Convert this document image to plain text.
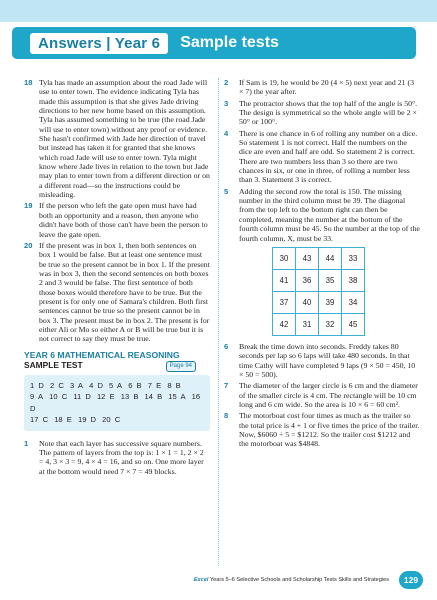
Answers | Year 6	Sample tests
18 Tyla has made an assumption about the road Jade will use to enter town. The evidence indicating Tyla has made this assumption is that she gives Jade driving directions to her new home based on this assumption. Tyla has assumed something to be true (the road Jade will use to enter town) without any proof or evidence. She hasn't confirmed with Jade her direction of travel but instead has taken it for granted that she knows which road Jade will use to enter town. Tyla might know where Jade lives in relation to the town but Jade may plan to enter town from a different direction or on a different road—so the instructions could be misleading.

19 If the person who left the gate open must have had both an opportunity and a reason, then anyone who didn't have both of those can't have been the person to leave the gate open.

20 If the present was in box 1, then both sentences on box 1 would be false. But at least one sentence must be true so the present cannot be in box 1. If the present was in box 3, then the second sentences on both boxes 2 and 3 would be false. The first sentence of both those boxes would therefore have to be true. But the present is for only one of Samara's children. Both first sentences cannot be true so the present cannot be in box 3. The present must be in box 2. The present is for either Ali or Mo so either A or B will be true but it is not correct to say they must be true.

YEAR 6 MATHEMATICAL REASONING
SAMPLE TEST	Page 94
1 D 2 C 3 A 4 D 5 A 6 B 7 E 8 B
9 A 10 C 11 D 12 E 13 B 14 B 15 A 16 D
17 C 18 E 19 D 20 C
1 Note that each layer has successive square numbers. The pattern of layers from the top is: 1 × 1 = 1, 2 × 2 = 4, 3 × 3 = 9, 4 × 4 = 16, and so on. One more layer at the bottom would need 7 × 7 = 49 blocks.

2 If Sam is 19, he would be 20 (4 × 5) next year and 21 (3 × 7) the year after.

3 The protractor shows that the top half of the angle is 50°. The design is symmetrical so the whole angle will be 2 × 50° or 100°.

4 There is one chance in 6 of rolling any number on a dice. So statement 1 is not correct. Half the numbers on the dice are even and half are odd. So statement 2 is correct. There are two numbers less than 3 so there are two chances in six, or one in three, of rolling a number less than 3. Statement 3 is correct.

5 Adding the second row the total is 150. The missing number in the third column must be 39. The diagonal from the top left to the bottom right can then be completed, meaning the number at the bottom of the fourth column must be 45. So the number at the top of the fourth column, X, must be 33.

30	43	44	33
41	36	35	38
37	40	39	34
42	31	32	45
6 Break the time down into seconds. Freddy takes 80 seconds per lap so 6 laps will take 480 seconds. In that time Cathy will have completed 9 laps (9 × 50 = 450, 10 × 50 = 500).

7 The diameter of the larger circle is 6 cm and the diameter of the smaller circle is 4 cm. The rectangle will be 10 cm long and 6 cm wide. So the area is 10 × 6 = 60 cm².

8 The motorboat cost four times as much as the trailer so the total price is 4 + 1 or five times the price of the trailer. Now, $6060 ÷ 5 = $1212. So the trailer cost $1212 and the motorboat was $4848.

Excel Years 5–6 Selective Schools and Scholarship Tests Skills and Strategies	129
